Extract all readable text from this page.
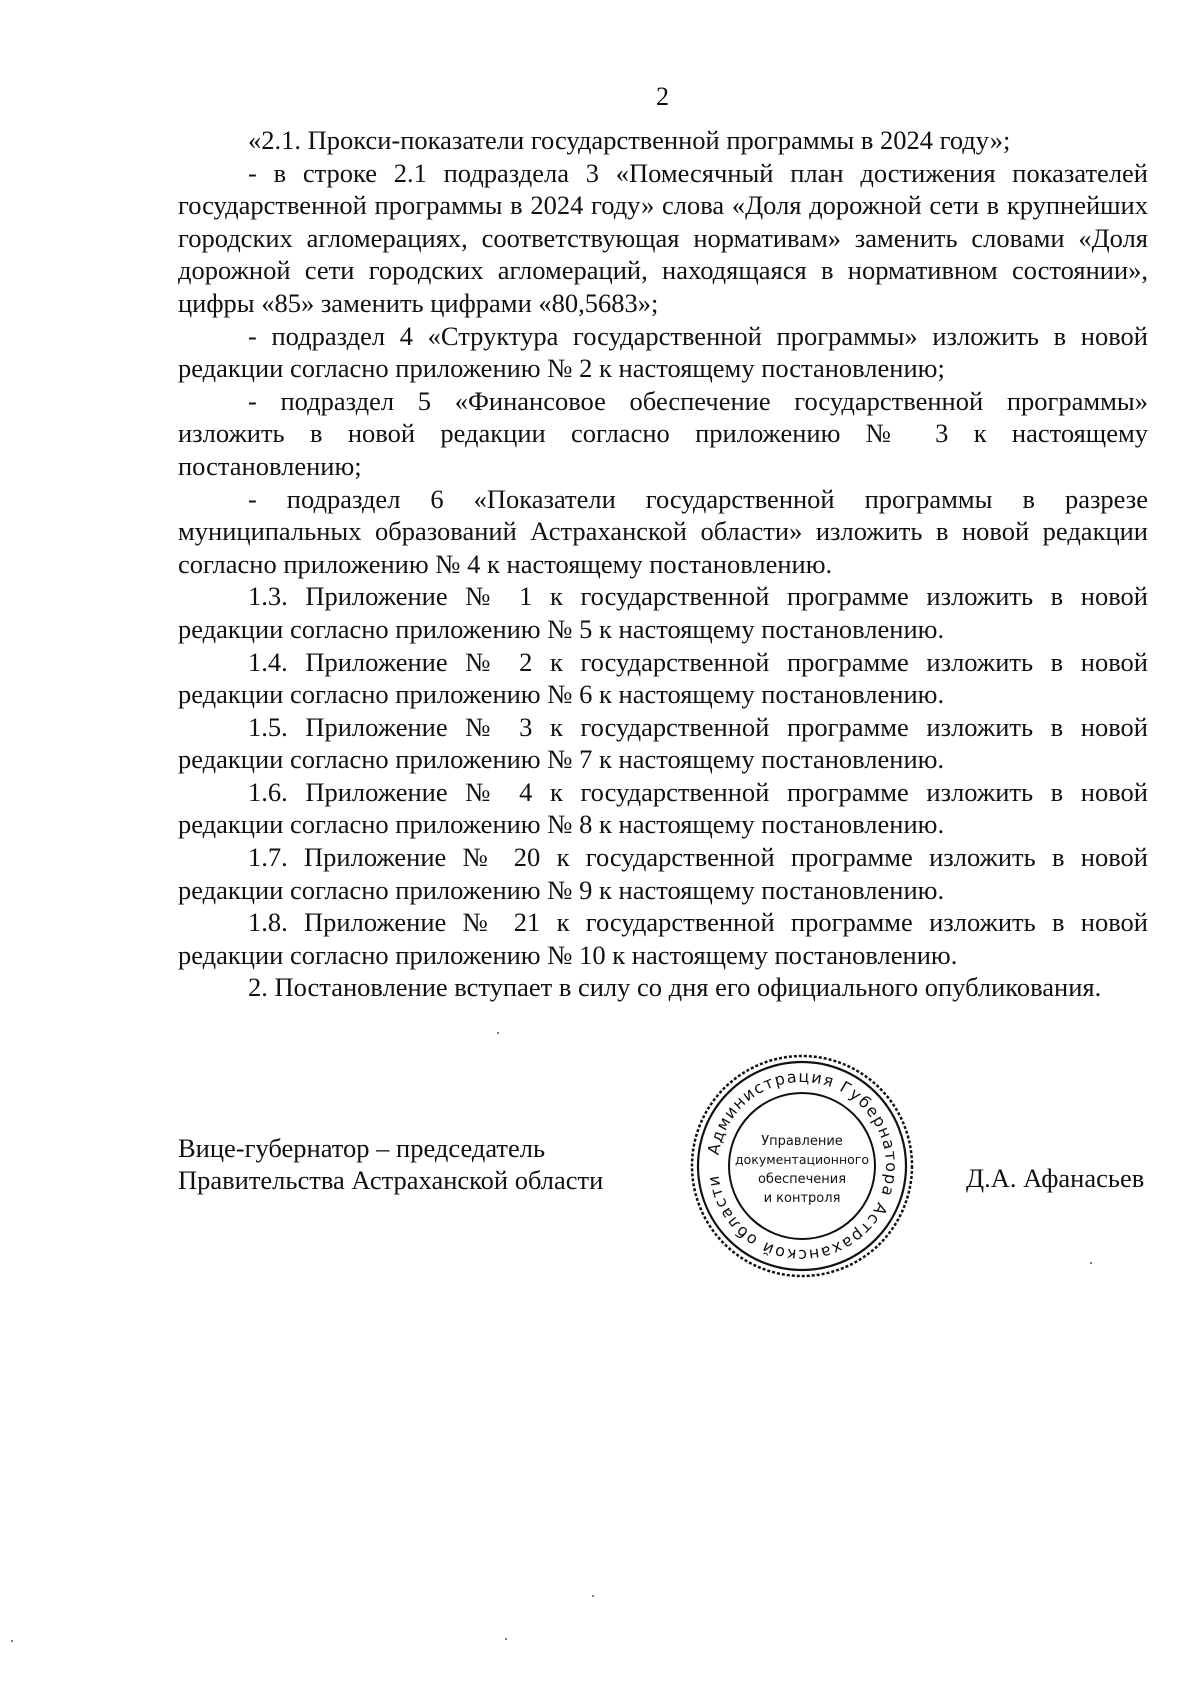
2

«2.1. Прокси-показатели государственной программы в 2024 году»;

- в строке 2.1 подраздела 3 «Помесячный план достижения показателей государственной программы в 2024 году» слова «Доля дорожной сети в крупнейших городских агломерациях, соответствующая нормативам» заменить словами «Доля дорожной сети городских агломераций, находящаяся в нормативном состоянии», цифры «85» заменить цифрами «80,5683»;

- подраздел 4 «Структура государственной программы» изложить в новой редакции согласно приложению № 2 к настоящему постановлению;

- подраздел 5 «Финансовое обеспечение государственной программы» изложить в новой редакции согласно приложению № 3 к настоящему постановлению;

- подраздел 6 «Показатели государственной программы в разрезе муниципальных образований Астраханской области» изложить в новой редакции согласно приложению № 4 к настоящему постановлению.

1.3. Приложение № 1 к государственной программе изложить в новой редакции согласно приложению № 5 к настоящему постановлению.

1.4. Приложение № 2 к государственной программе изложить в новой редакции согласно приложению № 6 к настоящему постановлению.

1.5. Приложение № 3 к государственной программе изложить в новой редакции согласно приложению № 7 к настоящему постановлению.

1.6. Приложение № 4 к государственной программе изложить в новой редакции согласно приложению № 8 к настоящему постановлению.

1.7. Приложение № 20 к государственной программе изложить в новой редакции согласно приложению № 9 к настоящему постановлению.

1.8. Приложение № 21 к государственной программе изложить в новой редакции согласно приложению № 10 к настоящему постановлению.

2. Постановление вступает в силу со дня его официального опубликования.

Вице-губернатор – председатель
Правительства Астраханской области
Администрация Губернатора Астраханской области
Управление
документационного
обеспечения
и контроля
Д.А. Афанасьев
